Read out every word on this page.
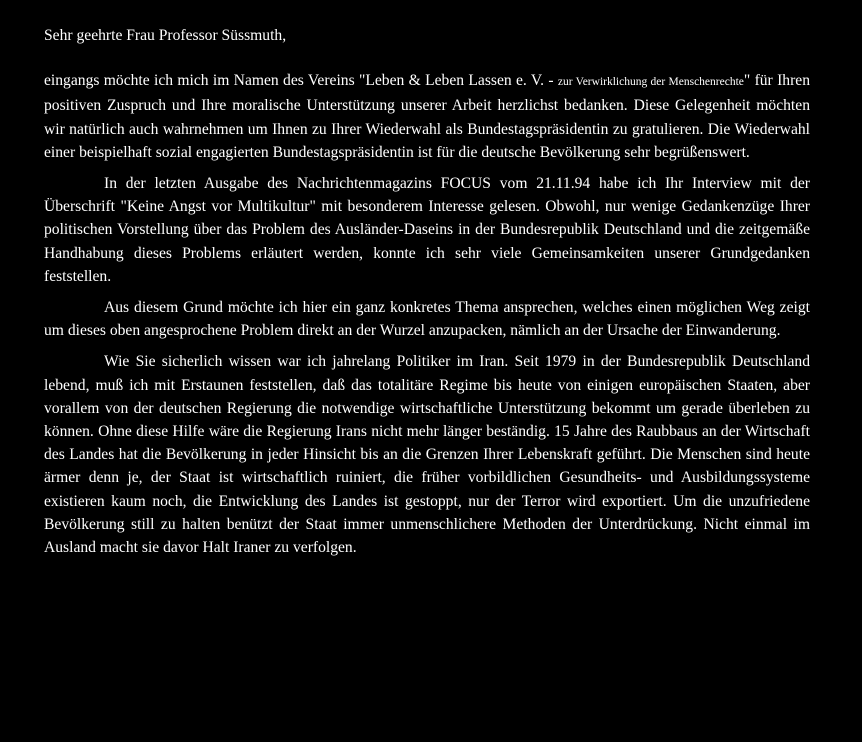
Sehr geehrte Frau Professor Süssmuth,

eingangs möchte ich mich im Namen des Vereins "Leben & Leben Lassen e. V. - zur Verwirklichung der Menschenrechte" für Ihren positiven Zuspruch und Ihre moralische Unterstützung unserer Arbeit herzlichst bedanken. Diese Gelegenheit möchten wir natürlich auch wahrnehmen um Ihnen zu Ihrer Wiederwahl als Bundestagspräsidentin zu gratulieren. Die Wiederwahl einer beispielhaft sozial engagierten Bundestagspräsidentin ist für die deutsche Bevölkerung sehr begrüßenswert.

In der letzten Ausgabe des Nachrichtenmagazins FOCUS vom 21.11.94 habe ich Ihr Interview mit der Überschrift "Keine Angst vor Multikultur" mit besonderem Interesse gelesen. Obwohl, nur wenige Gedankenzüge Ihrer politischen Vorstellung über das Problem des Ausländer-Daseins in der Bundesrepublik Deutschland und die zeitgemäße Handhabung dieses Problems erläutert werden, konnte ich sehr viele Gemeinsamkeiten unserer Grundgedanken feststellen.

Aus diesem Grund möchte ich hier ein ganz konkretes Thema ansprechen, welches einen möglichen Weg zeigt um dieses oben angesprochene Problem direkt an der Wurzel anzupacken, nämlich an der Ursache der Einwanderung.

Wie Sie sicherlich wissen war ich jahrelang Politiker im Iran. Seit 1979 in der Bundesrepublik Deutschland lebend, muß ich mit Erstaunen feststellen, daß das totalitäre Regime bis heute von einigen europäischen Staaten, aber vorallem von der deutschen Regierung die notwendige wirtschaftliche Unterstützung bekommt um gerade überleben zu können. Ohne diese Hilfe wäre die Regierung Irans nicht mehr länger beständig. 15 Jahre des Raubbaus an der Wirtschaft des Landes hat die Bevölkerung in jeder Hinsicht bis an die Grenzen Ihrer Lebenskraft geführt. Die Menschen sind heute ärmer denn je, der Staat ist wirtschaftlich ruiniert, die früher vorbildlichen Gesundheits- und Ausbildungssysteme existieren kaum noch, die Entwicklung des Landes ist gestoppt, nur der Terror wird exportiert. Um die unzufriedene Bevölkerung still zu halten benützt der Staat immer unmenschlichere Methoden der Unterdrückung. Nicht einmal im Ausland macht sie davor Halt Iraner zu verfolgen.
